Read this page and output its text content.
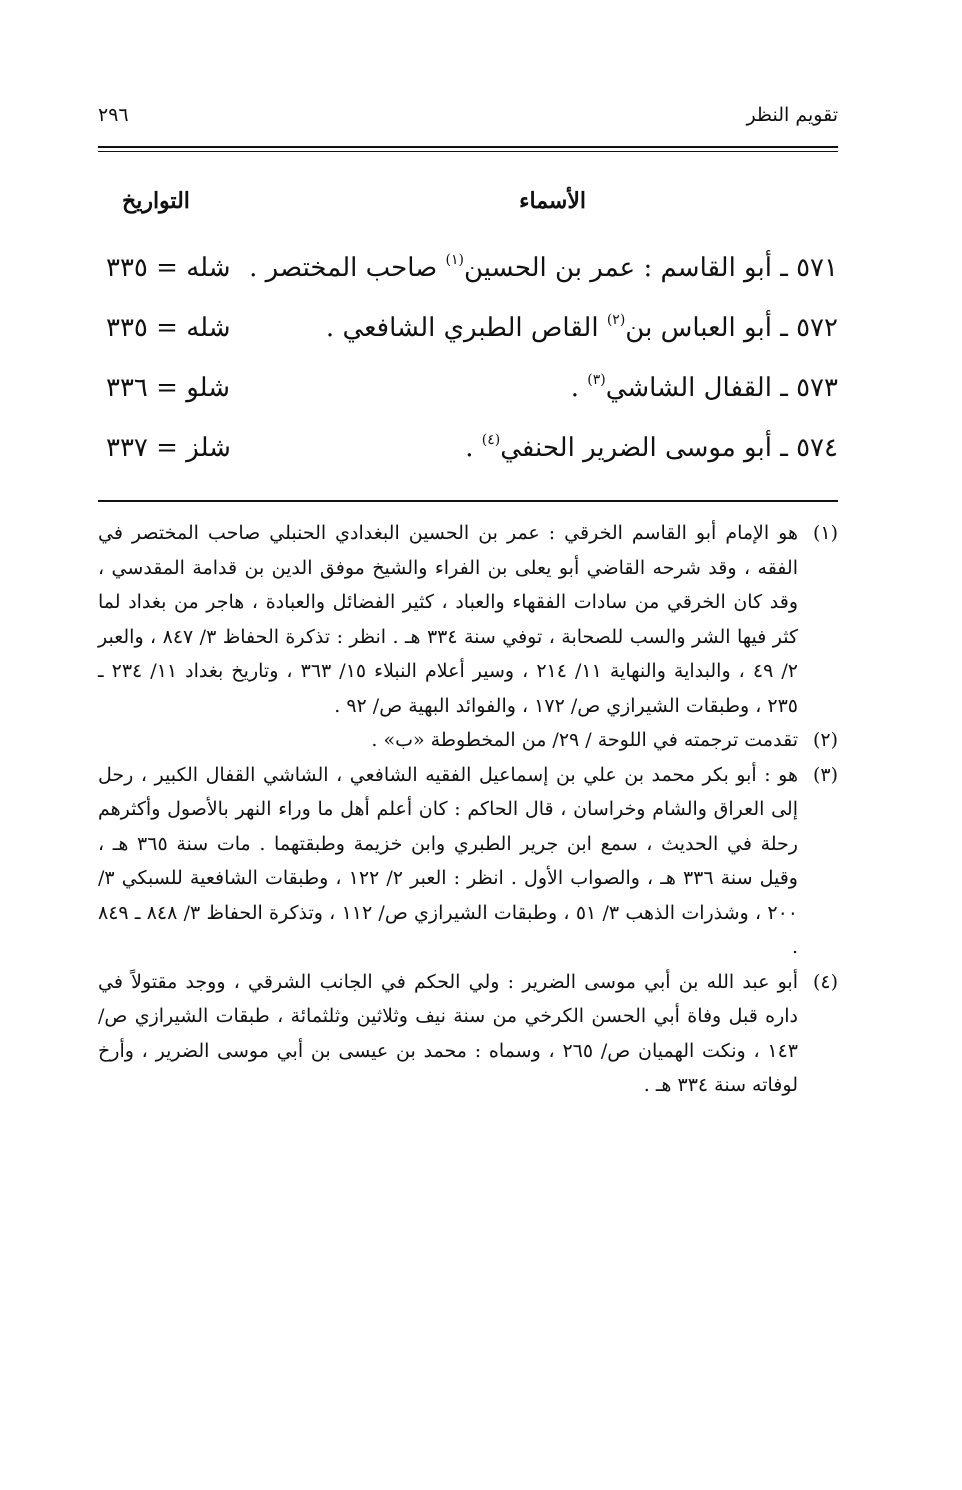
تقويم النظر
٢٩٦
الأسماء
التواريخ
٥٧١ ـ أبو القاسم : عمر بن الحسين$^{(١)}$ صاحب المختصر .
شله = ٣٣٥
٥٧٢ ـ أبو العباس بن$^{(٢)}$ القاص الطبري الشافعي .
شله = ٣٣٥
٥٧٣ ـ القفال الشاشي$^{(٣)}$ .
شلو = ٣٣٦
٥٧٤ ـ أبو موسى الضرير الحنفي$^{(٤)}$ .
شلز = ٣٣٧
(١)
هو الإمام أبو القاسم الخرقي : عمر بن الحسين البغدادي الحنبلي صاحب المختصر في الفقه ، وقد شرحه القاضي أبو يعلى بن الفراء والشيخ موفق الدين بن قدامة المقدسي ، وقد كان الخرقي من سادات الفقهاء والعباد ، كثير الفضائل والعبادة ، هاجر من بغداد لما كثر فيها الشر والسب للصحابة ، توفي سنة ٣٣٤ هـ . انظر : تذكرة الحفاظ ٣/ ٨٤٧ ، والعبر ٢/ ٤٩ ، والبداية والنهاية ١١/ ٢١٤ ، وسير أعلام النبلاء ١٥/ ٣٦٣ ، وتاريخ بغداد ١١/ ٢٣٤ ـ ٢٣٥ ، وطبقات الشيرازي ص/ ١٧٢ ، والفوائد البهية ص/ ٩٢ .
(٢)
تقدمت ترجمته في اللوحة / ٢٩/ من المخطوطة «ب» .
(٣)
هو : أبو بكر محمد بن علي بن إسماعيل الفقيه الشافعي ، الشاشي القفال الكبير ، رحل إلى العراق والشام وخراسان ، قال الحاكم : كان أعلم أهل ما وراء النهر بالأصول وأكثرهم رحلة في الحديث ، سمع ابن جرير الطبري وابن خزيمة وطبقتهما . مات سنة ٣٦٥ هـ ، وقيل سنة ٣٣٦ هـ ، والصواب الأول . انظر : العبر ٢/ ١٢٢ ، وطبقات الشافعية للسبكي ٣/ ٢٠٠ ، وشذرات الذهب ٣/ ٥١ ، وطبقات الشيرازي ص/ ١١٢ ، وتذكرة الحفاظ ٣/ ٨٤٨ ـ ٨٤٩ .
(٤)
أبو عبد الله بن أبي موسى الضرير : ولي الحكم في الجانب الشرقي ، ووجد مقتولاً في داره قبل وفاة أبي الحسن الكرخي من سنة نيف وثلاثين وثلثمائة ، طبقات الشيرازي ص/ ١٤٣ ، ونكت الهميان ص/ ٢٦٥ ، وسماه : محمد بن عيسى بن أبي موسى الضرير ، وأرخ لوفاته سنة ٣٣٤ هـ .
